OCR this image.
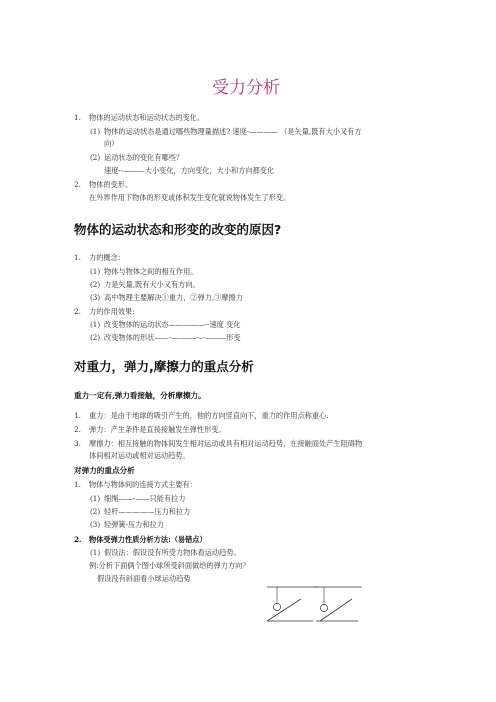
受力分析
1. 物体的运动状态和运动状态的变化。
(1) 物体的运动状态是通过哪些物理量描述? 速度-———— （是矢量,既有大小又有方
向）
(2) 运动状态的变化有哪些？
速度--———大小变化，方向变化，大小和方向都变化
2. 物体的变形。
在外界作用下物体的形变或体积发生变化就说物体发生了形变。
物体的运动状态和形变的改变的原因?
1. 力的概念：
(1) 物体与物体之间的相互作用。
(2) 力是矢量,既有大小又有方向。
(3) 高中物理主要解决①重力，②弹力,③摩擦力
2. 力的作用效果:
(1) 改变物体的运动状态—————--速度 变化
(2) 改变物体的形状——-—–——-–-———形变
对重力，弹力,摩擦力的重点分析
重力一定有,弹力看接触，分析摩擦力。
1. 重力：是由于地球的吸引产生的，他的方向竖直向下，重力的作用点称重心.
2. 弹力：产生条件是直接接触发生弹性形变。
3. 摩擦力：相互接触的物体间发生相对运动或具有相对运动趋势，在接触面处产生阻碍物
体间相对运动或相对运动趋势。
对弹力的重点分析
1. 物体与物体间的连接方式主要有：
(1) 细绳——-——只能有拉力
(2) 轻杆—————压力和拉力
(3) 轻弹簧-压力和拉力
2. 物体受弹力性质分析方法:（易错点）
(1) 假设法：假设没有所受力物体看运动趋势。
例:分析下面俩个图小球所受斜面做给的弹力方向？
假设没有斜面看小球运动趋势
